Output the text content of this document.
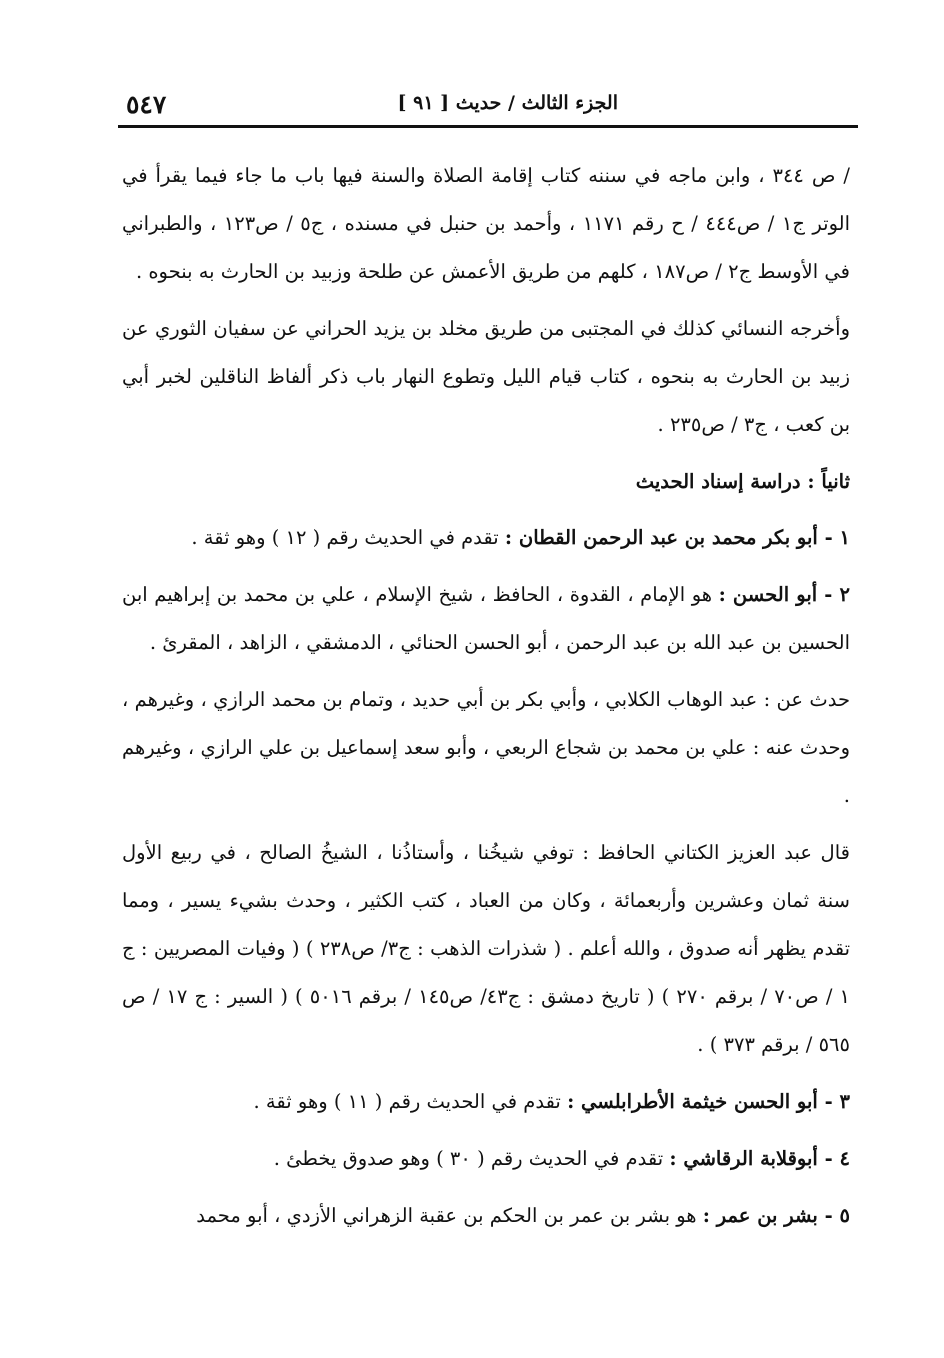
٥٤٧	الجزء الثالث / حديث [ ٩١ ]

/ ص ٣٤٤ ، وابن ماجه في سننه كتاب إقامة الصلاة والسنة فيها باب ما جاء فيما يقرأ في الوتر ج١ / ص٤٤٤ / ح رقم ١١٧١ ، وأحمد بن حنبل في مسنده ، ج٥ / ص١٢٣ ، والطبراني في الأوسط ج٢ / ص١٨٧ ، كلهم من طريق الأعمش عن طلحة وزبيد بن الحارث به بنحوه .

وأخرجه النسائي كذلك في المجتبى من طريق مخلد بن يزيد الحراني عن سفيان الثوري عن زبيد بن الحارث به بنحوه ، كتاب قيام الليل وتطوع النهار باب ذكر ألفاظ الناقلين لخبر أبي بن كعب ، ج٣ / ص٢٣٥ .

ثانياً : دراسة إسناد الحديث

١ - أبو بكر محمد بن عبد الرحمن القطان : تقدم في الحديث رقم ( ١٢ ) وهو ثقة .

٢ - أبو الحسن : هو الإمام ، القدوة ، الحافظ ، شيخ الإسلام ، علي بن محمد بن إبراهيم ابن الحسين بن عبد الله بن عبد الرحمن ، أبو الحسن الحنائي ، الدمشقي ، الزاهد ، المقرئ .

حدث عن : عبد الوهاب الكلابي ، وأبي بكر بن أبي حديد ، وتمام بن محمد الرازي ، وغيرهم ، وحدث عنه : علي بن محمد بن شجاع الربعي ، وأبو سعد إسماعيل بن علي الرازي ، وغيرهم .

قال عبد العزيز الكتاني الحافظ : توفي شيخُنا ، وأستاذُنا ، الشيخُ الصالح ، في ربيع الأول سنة ثمان وعشرين وأربعمائة ، وكان من العباد ، كتب الكثير ، وحدث بشيء يسير ، ومما تقدم يظهر أنه صدوق ، والله أعلم . ( شذرات الذهب : ج٣/ ص٢٣٨ ) ( وفيات المصريين : ج ١ / ص٧٠ / برقم ٢٧٠ ) ( تاريخ دمشق : ج٤٣/ ص١٤٥ / برقم ٥٠١٦ ) ( السير : ج ١٧ / ص ٥٦٥ / برقم ٣٧٣ ) .

٣ - أبو الحسن خيثمة الأطرابلسي : تقدم في الحديث رقم ( ١١ ) وهو ثقة .

٤ - أبوقلابة الرقاشي : تقدم في الحديث رقم ( ٣٠ ) وهو صدوق يخطئ .

٥ - بشر بن عمر : هو بشر بن عمر بن الحكم بن عقبة الزهراني الأزدي ، أبو محمد
